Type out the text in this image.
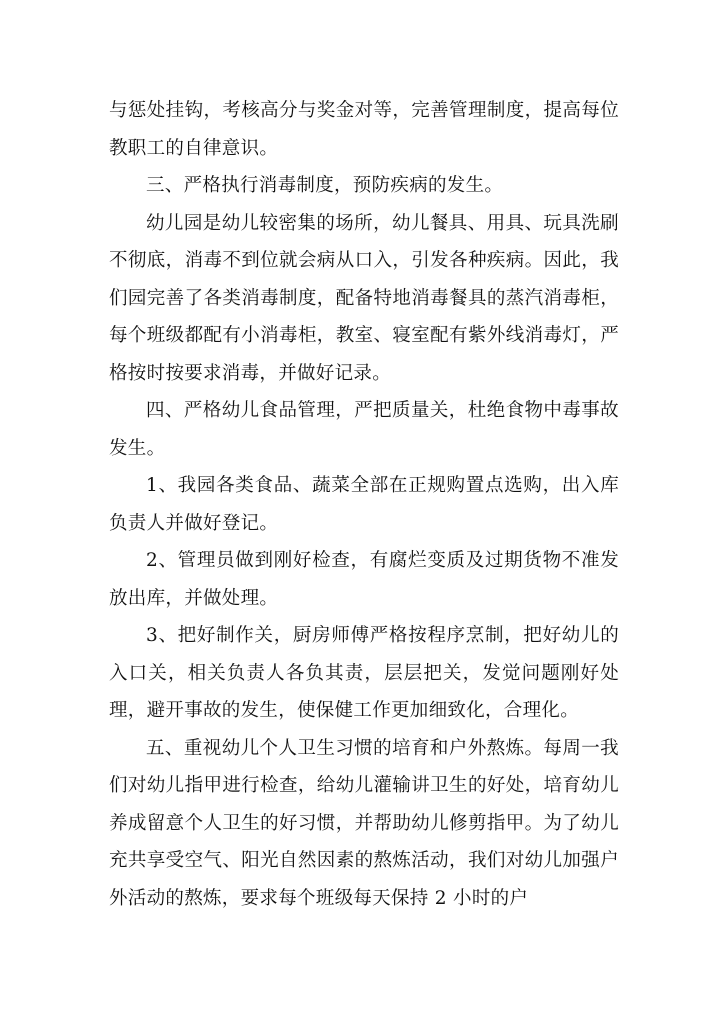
与惩处挂钩，考核高分与奖金对等，完善管理制度，提高每位教职工的自律意识。

三、严格执行消毒制度，预防疾病的发生。

幼儿园是幼儿较密集的场所，幼儿餐具、用具、玩具洗刷不彻底，消毒不到位就会病从口入，引发各种疾病。因此，我们园完善了各类消毒制度，配备特地消毒餐具的蒸汽消毒柜，每个班级都配有小消毒柜，教室、寝室配有紫外线消毒灯，严格按时按要求消毒，并做好记录。

四、严格幼儿食品管理，严把质量关，杜绝食物中毒事故发生。

1、我园各类食品、蔬菜全部在正规购置点选购，出入库负责人并做好登记。

2、管理员做到刚好检查，有腐烂变质及过期货物不准发放出库，并做处理。

3、把好制作关，厨房师傅严格按程序烹制，把好幼儿的入口关，相关负责人各负其责，层层把关，发觉问题刚好处理，避开事故的发生，使保健工作更加细致化，合理化。

五、重视幼儿个人卫生习惯的培育和户外熬炼。每周一我们对幼儿指甲进行检查，给幼儿灌输讲卫生的好处，培育幼儿养成留意个人卫生的好习惯，并帮助幼儿修剪指甲。为了幼儿充共享受空气、阳光自然因素的熬炼活动，我们对幼儿加强户外活动的熬炼，要求每个班级每天保持 2 小时的户
